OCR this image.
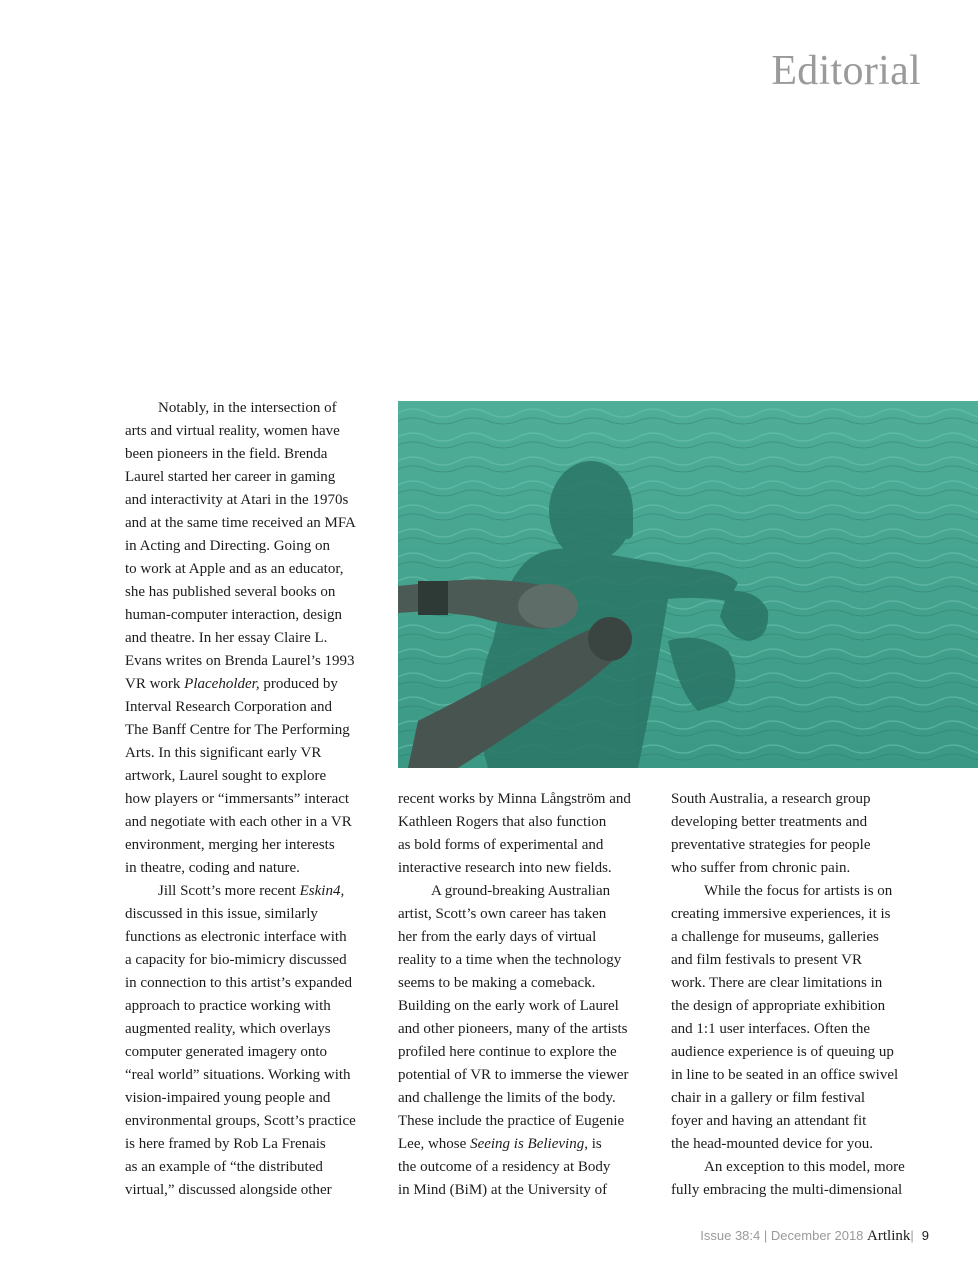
Editorial
Notably, in the intersection of
arts and virtual reality, women have
been pioneers in the field. Brenda
Laurel started her career in gaming
and interactivity at Atari in the 1970s
and at the same time received an MFA
in Acting and Directing. Going on
to work at Apple and as an educator,
she has published several books on
human-computer interaction, design
and theatre. In her essay Claire L.
Evans writes on Brenda Laurel’s 1993
VR work Placeholder, produced by
Interval Research Corporation and
The Banff Centre for The Performing
Arts. In this significant early VR
artwork, Laurel sought to explore
how players or “immersants” interact
and negotiate with each other in a VR
environment, merging her interests
in theatre, coding and nature.
Jill Scott’s more recent Eskin4,
discussed in this issue, similarly
functions as electronic interface with
a capacity for bio-mimicry discussed
in connection to this artist’s expanded
approach to practice working with
augmented reality, which overlays
computer generated imagery onto
“real world” situations. Working with
vision-impaired young people and
environmental groups, Scott’s practice
is here framed by Rob La Frenais
as an example of “the distributed
virtual,” discussed alongside other
recent works by Minna Långström and
Kathleen Rogers that also function
as bold forms of experimental and
interactive research into new fields.
A ground-breaking Australian
artist, Scott’s own career has taken
her from the early days of virtual
reality to a time when the technology
seems to be making a comeback.
Building on the early work of Laurel
and other pioneers, many of the artists
profiled here continue to explore the
potential of VR to immerse the viewer
and challenge the limits of the body.
These include the practice of Eugenie
Lee, whose Seeing is Believing, is
the outcome of a residency at Body
in Mind (BiM) at the University of
South Australia, a research group
developing better treatments and
preventative strategies for people
who suffer from chronic pain.
While the focus for artists is on
creating immersive experiences, it is
a challenge for museums, galleries
and film festivals to present VR
work. There are clear limitations in
the design of appropriate exhibition
and 1:1 user interfaces. Often the
audience experience is of queuing up
in line to be seated in an office swivel
chair in a gallery or film festival
foyer and having an attendant fit
the head-mounted device for you.
An exception to this model, more
fully embracing the multi-dimensional
Issue 38:4 | December 2018 Artlink| 9
